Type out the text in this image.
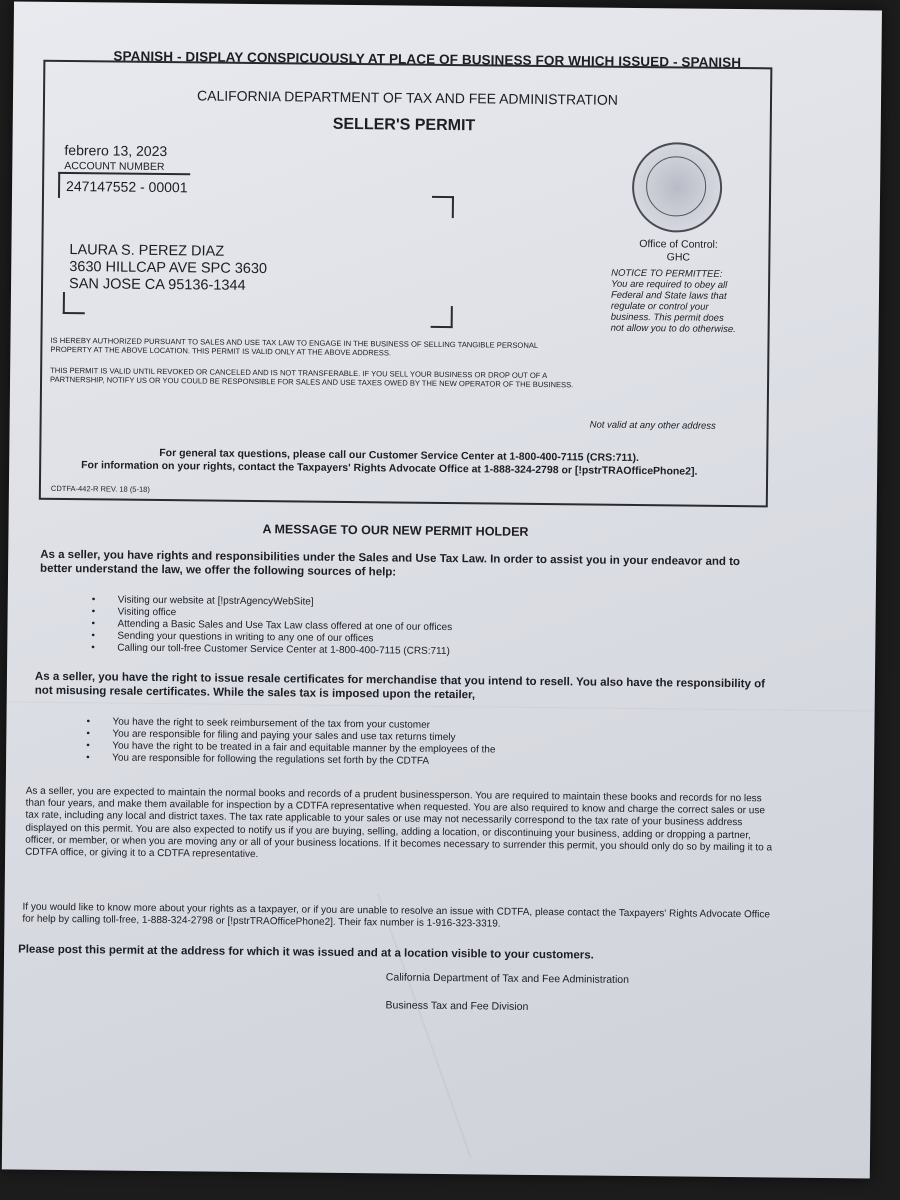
SPANISH - DISPLAY CONSPICUOUSLY AT PLACE OF BUSINESS FOR WHICH ISSUED - SPANISH
CALIFORNIA DEPARTMENT OF TAX AND FEE ADMINISTRATION
SELLER'S PERMIT
febrero 13, 2023
ACCOUNT NUMBER
247147552 - 00001
LAURA S. PEREZ DIAZ
3630 HILLCAP AVE SPC 3630
SAN JOSE CA 95136-1344
Office of Control:
GHC
NOTICE TO PERMITTEE: You are required to obey all Federal and State laws that regulate or control your business. This permit does not allow you to do otherwise.
IS HEREBY AUTHORIZED PURSUANT TO SALES AND USE TAX LAW TO ENGAGE IN THE BUSINESS OF SELLING TANGIBLE PERSONAL PROPERTY AT THE ABOVE LOCATION. THIS PERMIT IS VALID ONLY AT THE ABOVE ADDRESS.
THIS PERMIT IS VALID UNTIL REVOKED OR CANCELED AND IS NOT TRANSFERABLE. IF YOU SELL YOUR BUSINESS OR DROP OUT OF A PARTNERSHIP, NOTIFY US OR YOU COULD BE RESPONSIBLE FOR SALES AND USE TAXES OWED BY THE NEW OPERATOR OF THE BUSINESS.
Not valid at any other address
For general tax questions, please call our Customer Service Center at 1-800-400-7115 (CRS:711).
For information on your rights, contact the Taxpayers' Rights Advocate Office at 1-888-324-2798 or [!pstrTRAOfficePhone2].
CDTFA-442-R REV. 18 (5-18)
A MESSAGE TO OUR NEW PERMIT HOLDER
As a seller, you have rights and responsibilities under the Sales and Use Tax Law. In order to assist you in your endeavor and to better understand the law, we offer the following sources of help:
• Visiting our website at [!pstrAgencyWebSite]
• Visiting office
• Attending a Basic Sales and Use Tax Law class offered at one of our offices
• Sending your questions in writing to any one of our offices
• Calling our toll-free Customer Service Center at 1-800-400-7115 (CRS:711)
As a seller, you have the right to issue resale certificates for merchandise that you intend to resell. You also have the responsibility of not misusing resale certificates. While the sales tax is imposed upon the retailer,
• You have the right to seek reimbursement of the tax from your customer
• You are responsible for filing and paying your sales and use tax returns timely
• You have the right to be treated in a fair and equitable manner by the employees of the
• You are responsible for following the regulations set forth by the CDTFA
As a seller, you are expected to maintain the normal books and records of a prudent businessperson. You are required to maintain these books and records for no less than four years, and make them available for inspection by a CDTFA representative when requested. You are also required to know and charge the correct sales or use tax rate, including any local and district taxes. The tax rate applicable to your sales or use may not necessarily correspond to the tax rate of your business address displayed on this permit. You are also expected to notify us if you are buying, selling, adding a location, or discontinuing your business, adding or dropping a partner, officer, or member, or when you are moving any or all of your business locations. If it becomes necessary to surrender this permit, you should only do so by mailing it to a CDTFA office, or giving it to a CDTFA representative.
If you would like to know more about your rights as a taxpayer, or if you are unable to resolve an issue with CDTFA, please contact the Taxpayers' Rights Advocate Office for help by calling toll-free, 1-888-324-2798 or [!pstrTRAOfficePhone2]. Their fax number is 1-916-323-3319.
Please post this permit at the address for which it was issued and at a location visible to your customers.
California Department of Tax and Fee Administration
Business Tax and Fee Division
